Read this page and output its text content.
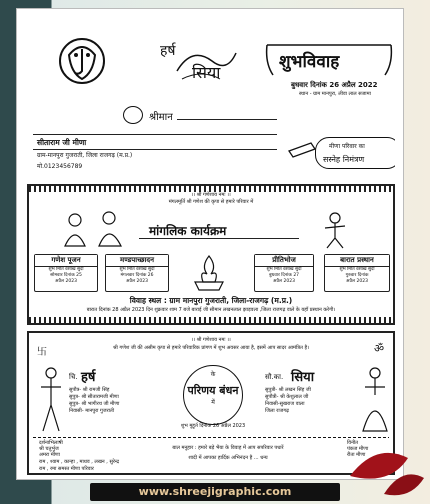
हर्ष
सिया
शुभविवाह
बुधवार दिनांक 26 अप्रैल 2022
स्थान - ग्राम मानपुरा, लीवा लाल सजामा
श्रीमान
सीताराम जी मीणा
ग्राम-मानपुरा गुजराती, जिला राजगढ़ (म.प्र.)
मो.0123456789
मीणा परिवार का
सस्नेह निमंत्रण
।। श्री गणेशाय नमः ।।
मंगलमूर्ति श्री गणेश की कृपा से हमारे परिवार में
मांगलिक कार्यक्रम
गणेश पूजन
शुभ मिति वैशाख सुदी
सोमवार दिनांक 25
अप्रैल 2023
मण्डपाच्छादन
शुभ मिति वैशाख सुदी
मंगलवार दिनांक 26
अप्रैल 2023
प्रीतिभोज
शुभ मिति वैशाख सुदी
बुधवार दिनांक 27
अप्रैल 2023
बारात प्रस्थान
शुभ मिति वैशाख सुदी
गुरुवार दिनांक
अप्रैल 2023
विवाह स्थल : ग्राम मानपुरा गुजराती, जिला-राजगढ़ (म.प्र.)
बारात दिनांक 28 अप्रैल 2023 दिन शुक्रवार शाम 7 बजे बाराई जी सीमान लखनलाल झाड़वला ,जिला राजगढ़ वाले के यहाँ प्रस्थान करेगी।
।। श्री गणेशाय नमः ।।
श्री गणेश जी की असीम कृपा से हमारे परिवारिक प्रांगण में शुभ अवसर आया है, इसमें आप सादर आमंत्रित है।
卐	ॐ
चि. हर्ष
सुपौत्र- श्री रामजी सिंह
सुपुत्र- श्री सीतारामजी मीणा
सुपुत्र- श्री भागीरथ जी मीणा
निवासी- मानपुरा गुजराती
के
परिणय बंधन
में
शुभ मुहूर्त दिनांक 26 अप्रैल 2023
सौ.का. सिया
सुपुत्री- श्री लखन सिंह जी
सुपौत्री- श्री केशुलाल जी
निवासी-सुखराज वाला
जिला राजगढ़
दर्शनाभिलाषी
श्री चतुर्भुज
अमरा मीणा
राम , श्याम , कान्हा , माधव , लखन , सुरेन्द्र
राम , रमा समस्त मीणा परिवार
बाल मनुहार : हमारे बड़े भैया के विवाह में आप सपरिवार पधारें
शादी में आपका हार्दिक अभिनंदन है ... धन्य
विनीत
पंकज मीणा
रीता मीणा
www.shreejigraphic.com
